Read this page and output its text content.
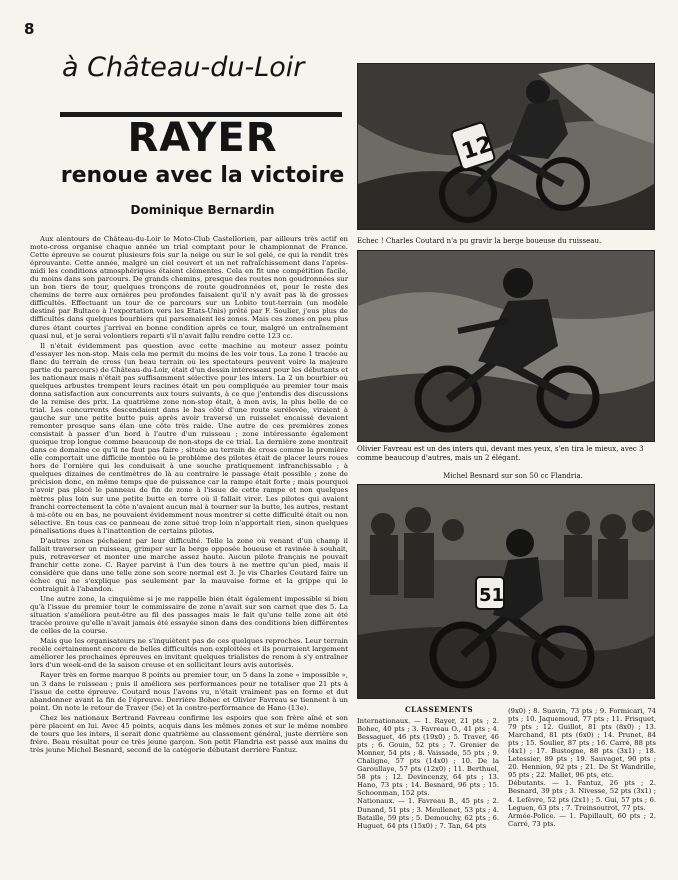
8
à Château-du-Loir
RAYER
renoue avec la victoire
Dominique Bernardin

Aux alentours de Château-du-Loir le Moto-Club Castellorien, par ailleurs très actif en moto-cross organise chaque année un trial comptant pour le championnat de France. Cette épreuve se courut plusieurs fois sur la neige ou sur le sol gelé, ce qui la rendit très éprouvante. Cette année, malgré un ciel couvert et un net rafraîchissement dans l'après-midi les conditions atmosphériques étaient clémentes. Cela en fit une compétition facile, du moins dans son parcours. De grands chemins, presque des routes non goudronnées sur un bon tiers de tour, quelques tronçons de route goudronnées et, pour le reste des chemins de terre aux ornières peu profondes faisaient qu'il n'y avait pas là de grosses difficultés. Effectuant un tour de ce parcours sur un Lobito tout-terrain (un modèle destiné par Bultaco à l'exportation vers les Etats-Unis) prêté par F. Soulier, j'eus plus de difficultés dans quelques bourbiers qui parsemaient les zones. Mais ces zones on peu plus dures étant courtes j'arrivai en bonne condition après ce tour, malgré un entraînement quasi nul, et je serai volontiers reparti s'il n'avait fallu rendre cette 123 cc.

Il n'était évidemment pas question avec cette machine au moteur assez pointu d'essayer les non-stop. Mais cela me permit du moins de les voir tous. La zone 1 tracée au flanc du terrain de cross (un beau terrain où les spectateurs peuvent voire la majeure partie du parcours) de Château-du-Loir, était d'un dessin intéressant pour les débutants et les nationaux mais n'était pas suffisamment sélective pour les inters. La 2 un bourbier où quelques arbustes trempent leurs racines était un peu compliquée au premier tour mais donna satisfaction aux concurrents aux tours suivants, à ce que j'entendis des discussions de la remise des prix. La quatrième zone non-stop était, à mon avis, la plus belle de ce trial. Les concurrents descendaient dans le bas côté d'une route surélevée, viraient à gauche sur une petite butte puis après avoir traversé un ruisselet encaissé devaient remonter presque sans élan une côte très raide. Une autre de ces premières zones consistait à passer d'un bord à l'autre d'un ruisseau ; zone intéressante également quoique trop longue comme beaucoup de non-stops de ce trial. La dernière zone montrait dans ce domaine ce qu'il ne faut pas faire ; située au terrain de cross comme la première elle comportait une difficile montée où le problème des pilotes était de placer leurs roues hors de l'ornière qui les conduisait à une souche pratiquement infranchissable ; à quelques dizaines de centimètres de là au contraire le passage était possible ; zone de précision donc, en même temps que de puissance car la rampe était forte ; mais pourquoi n'avoir pas placé le panneau de fin de zone à l'issue de cette rampe et non quelques mètres plus loin sur une petite butte en terre où il fallait virer. Les pilotes qui avaient franchi correctement la côte n'avaient aucun mal à tourner sur la butte, les autres, restant à mi-côte ou en bas, ne pouvaient évidemment nous montrer si cette difficulté était ou non sélective. En tous cas ce panneau de zone situé trop loin n'apportait rien, sinon quelques pénalisations dues à l'inattention de certains pilotes.

D'autres zones péchaient par leur difficulté. Telle la zone où venant d'un champ il fallait traverser un ruisseau, grimper sur la berge opposée boueuse et ravinée à souhait, puis, retraverser et monter une marche assez haute. Aucun pilote français ne pouvait franchir cette zone. C. Rayer parvint à l'un des tours à ne mettre qu'un pied, mais il considère que dans une telle zone son score normal est 3. Je vis Charles Coutard faire un échec qui ne s'explique pas seulement par la mauvaise forme et la grippe qui le contraignit à l'abandon.

Une autre zone, la cinquième si je me rappelle bien était également impossible si bien qu'à l'issue du premier tour le commissaire de zone n'avait sur son carnet que des 5. La situation s'améliora peut-être au fil des passages mais le fait qu'une telle zone ait été tracée prouve qu'elle n'avait jamais été essayée sinon dans des conditions bien différentes de celles de la course.

Mais que les organisateurs ne s'inquiètent pas de ces quelques reproches. Leur terrain recèle certainement encore de belles difficultés non exploitées et ils pourraient largement améliorer les prochaines épreuves en invitant quelques trialistes de renom à s'y entraîner lors d'un week-end de la saison creuse et en sollicitant leurs avis autorisés.

Rayer très en forme marque 8 points au premier tour, un 5 dans la zone « impossible », un 3 dans le ruisseau ; puis il améliora ses performances pour ne totaliser que 21 pts à l'issue de cette épreuve. Coutard nous l'avons vu, n'était vraiment pas en forme et dut abandonner avant la fin de l'épreuve. Derrière Bohec et Olivier Favreau se tiennent à un point. On note le retour de Traver (5e) et la contre-performance de Hano (13e).

Chez les nationaux Bertrand Favreau confirme les espoirs que son frère aîné et son père placent en lui. Avec 45 points, acquis dans les mêmes zones et sur le même nombre de tours que les inters, il serait donc quatrième au classement général, juste derrière son frère. Beau résultat pour ce très jeune garçon. Son petit Flandria est passé aux mains du très jeune Michel Besnard, second de la catégorie débutant derrière Fantuz.

12
Echec ! Charles Coutard n'a pu gravir la berge boueuse du ruisseau.
Olivier Favreau est un des inters qui, devant mes yeux, s'en tira le mieux, avec 3 comme beaucoup d'autres, mais un 2 élégant.
Michel Besnard sur son 50 cc Flandria.
51
CLASSEMENTS

Internationaux. — 1. Rayer, 21 pts ; 2. Bohec, 40 pts ; 3. Favreau O., 41 pts ; 4. Bessaguet, 46 pts (19x0) ; 5. Traver, 46 pts ; 6. Gouin, 52 pts ; 7. Grenier de Monner, 54 pts ; 8. Vaissade, 55 pts ; 9. Chaligne, 57 pts (14x0) ; 10. De la Garoullaye, 57 pts (12x0) ; 11. Berthuel, 58 pts ; 12. Devincenzy, 64 pts ; 13. Hano, 73 pts ; 14. Besnard, 96 pts ; 15. Schoonman, 152 pts.

Nationaux. — 1. Favreau B., 45 pts ; 2. Dunand, 51 pts ; 3. Meullenet, 53 pts ; 4. Bataille, 59 pts ; 5. Demouchy, 62 pts ; 6. Huguet, 64 pts (15x0) ; 7. Tan, 64 pts

(9x0) ; 8. Suavin, 73 pts ; 9. Formicari, 74 pts ; 10. Jaquemoud, 77 pts ; 11. Frisquet, 79 pts ; 12. Guillot, 81 pts (8x0) ; 13. Marchand, 81 pts (6x0) ; 14. Prunet, 84 pts ; 15. Soulier, 87 pts ; 16. Carré, 88 pts (4x1) ; 17. Bustogne, 88 pts (3x1) ; 18. Letessier, 89 pts ; 19. Sauvaget, 90 pts ; 20. Hennion, 92 pts ; 21. De St Wandrille, 95 pts ; 22. Mallet, 96 pts, etc.

Débutants. — 1. Fantuz, 26 pts ; 2. Besnard, 39 pts ; 3. Nivesse, 52 pts (3x1) ; 4. Lefèvre, 52 pts (2x1) ; 5. Gui, 57 pts ; 6. Leguen, 63 pts ; 7. Treinsoutrot, 77 pts.

Armée-Police. — 1. Papillault, 60 pts ; 2. Carré, 73 pts.
